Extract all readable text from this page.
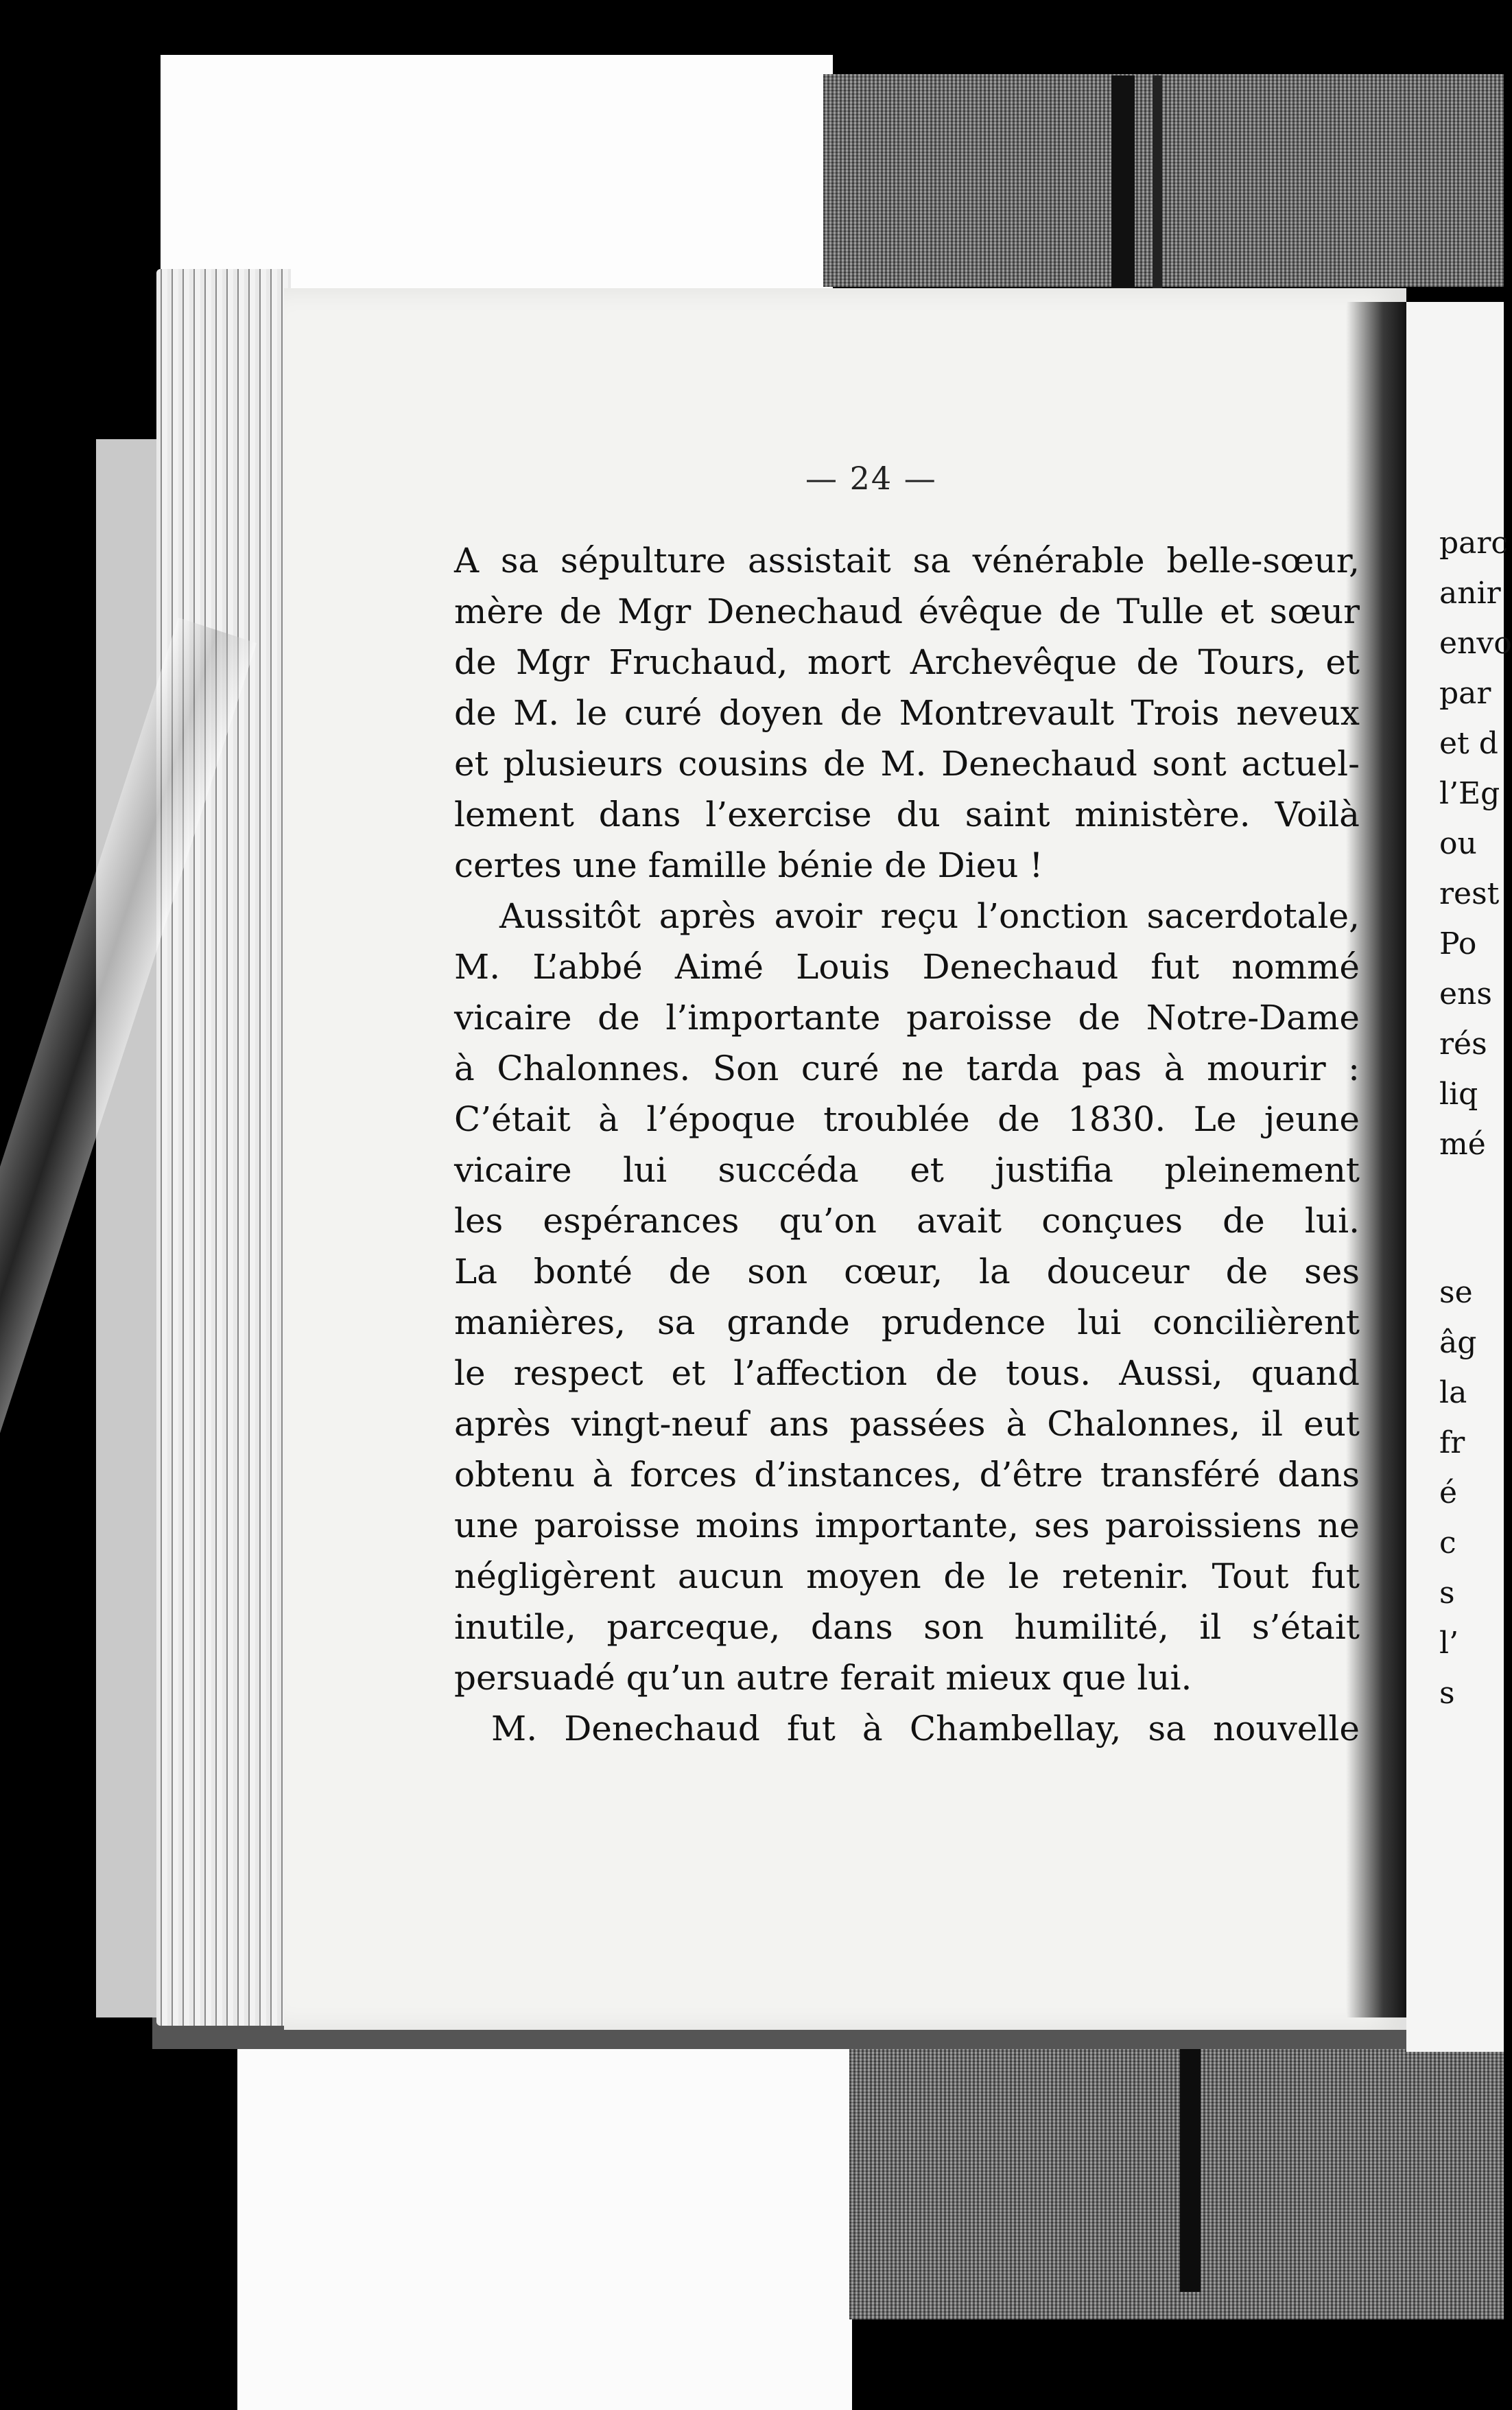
parc
anir
envo
par
et d
l’Eg
ou
rest
Po
ens
rés
liq
mé
se
âg
la
fr
é
c
s
l’
s
— 24 —
A sa sépulture assistait sa vénérable belle-sœur,
mère de Mgr Denechaud évêque de Tulle et sœur
de Mgr Fruchaud, mort Archevêque de Tours, et
de M. le curé doyen de Montrevault Trois neveux
et plusieurs cousins de M. Denechaud sont actuel-
lement dans l’exercise du saint ministère. Voilà
certes une famille bénie de Dieu !
Aussitôt après avoir reçu l’onction sacerdotale,
M. L’abbé Aimé Louis Denechaud fut nommé
vicaire de l’importante paroisse de Notre-Dame
à Chalonnes. Son curé ne tarda pas à mourir :
C’était à l’époque troublée de 1830. Le jeune
vicaire lui succéda et justifia pleinement
les espérances qu’on avait conçues de lui.
La bonté de son cœur, la douceur de ses
manières, sa grande prudence lui concilièrent
le respect et l’affection de tous. Aussi, quand
après vingt-neuf ans passées à Chalonnes, il eut
obtenu à forces d’instances, d’être transféré dans
une paroisse moins importante, ses paroissiens ne
négligèrent aucun moyen de le retenir. Tout fut
inutile, parceque, dans son humilité, il s’était
persuadé qu’un autre ferait mieux que lui.
M. Denechaud fut à Chambellay, sa nouvelle
